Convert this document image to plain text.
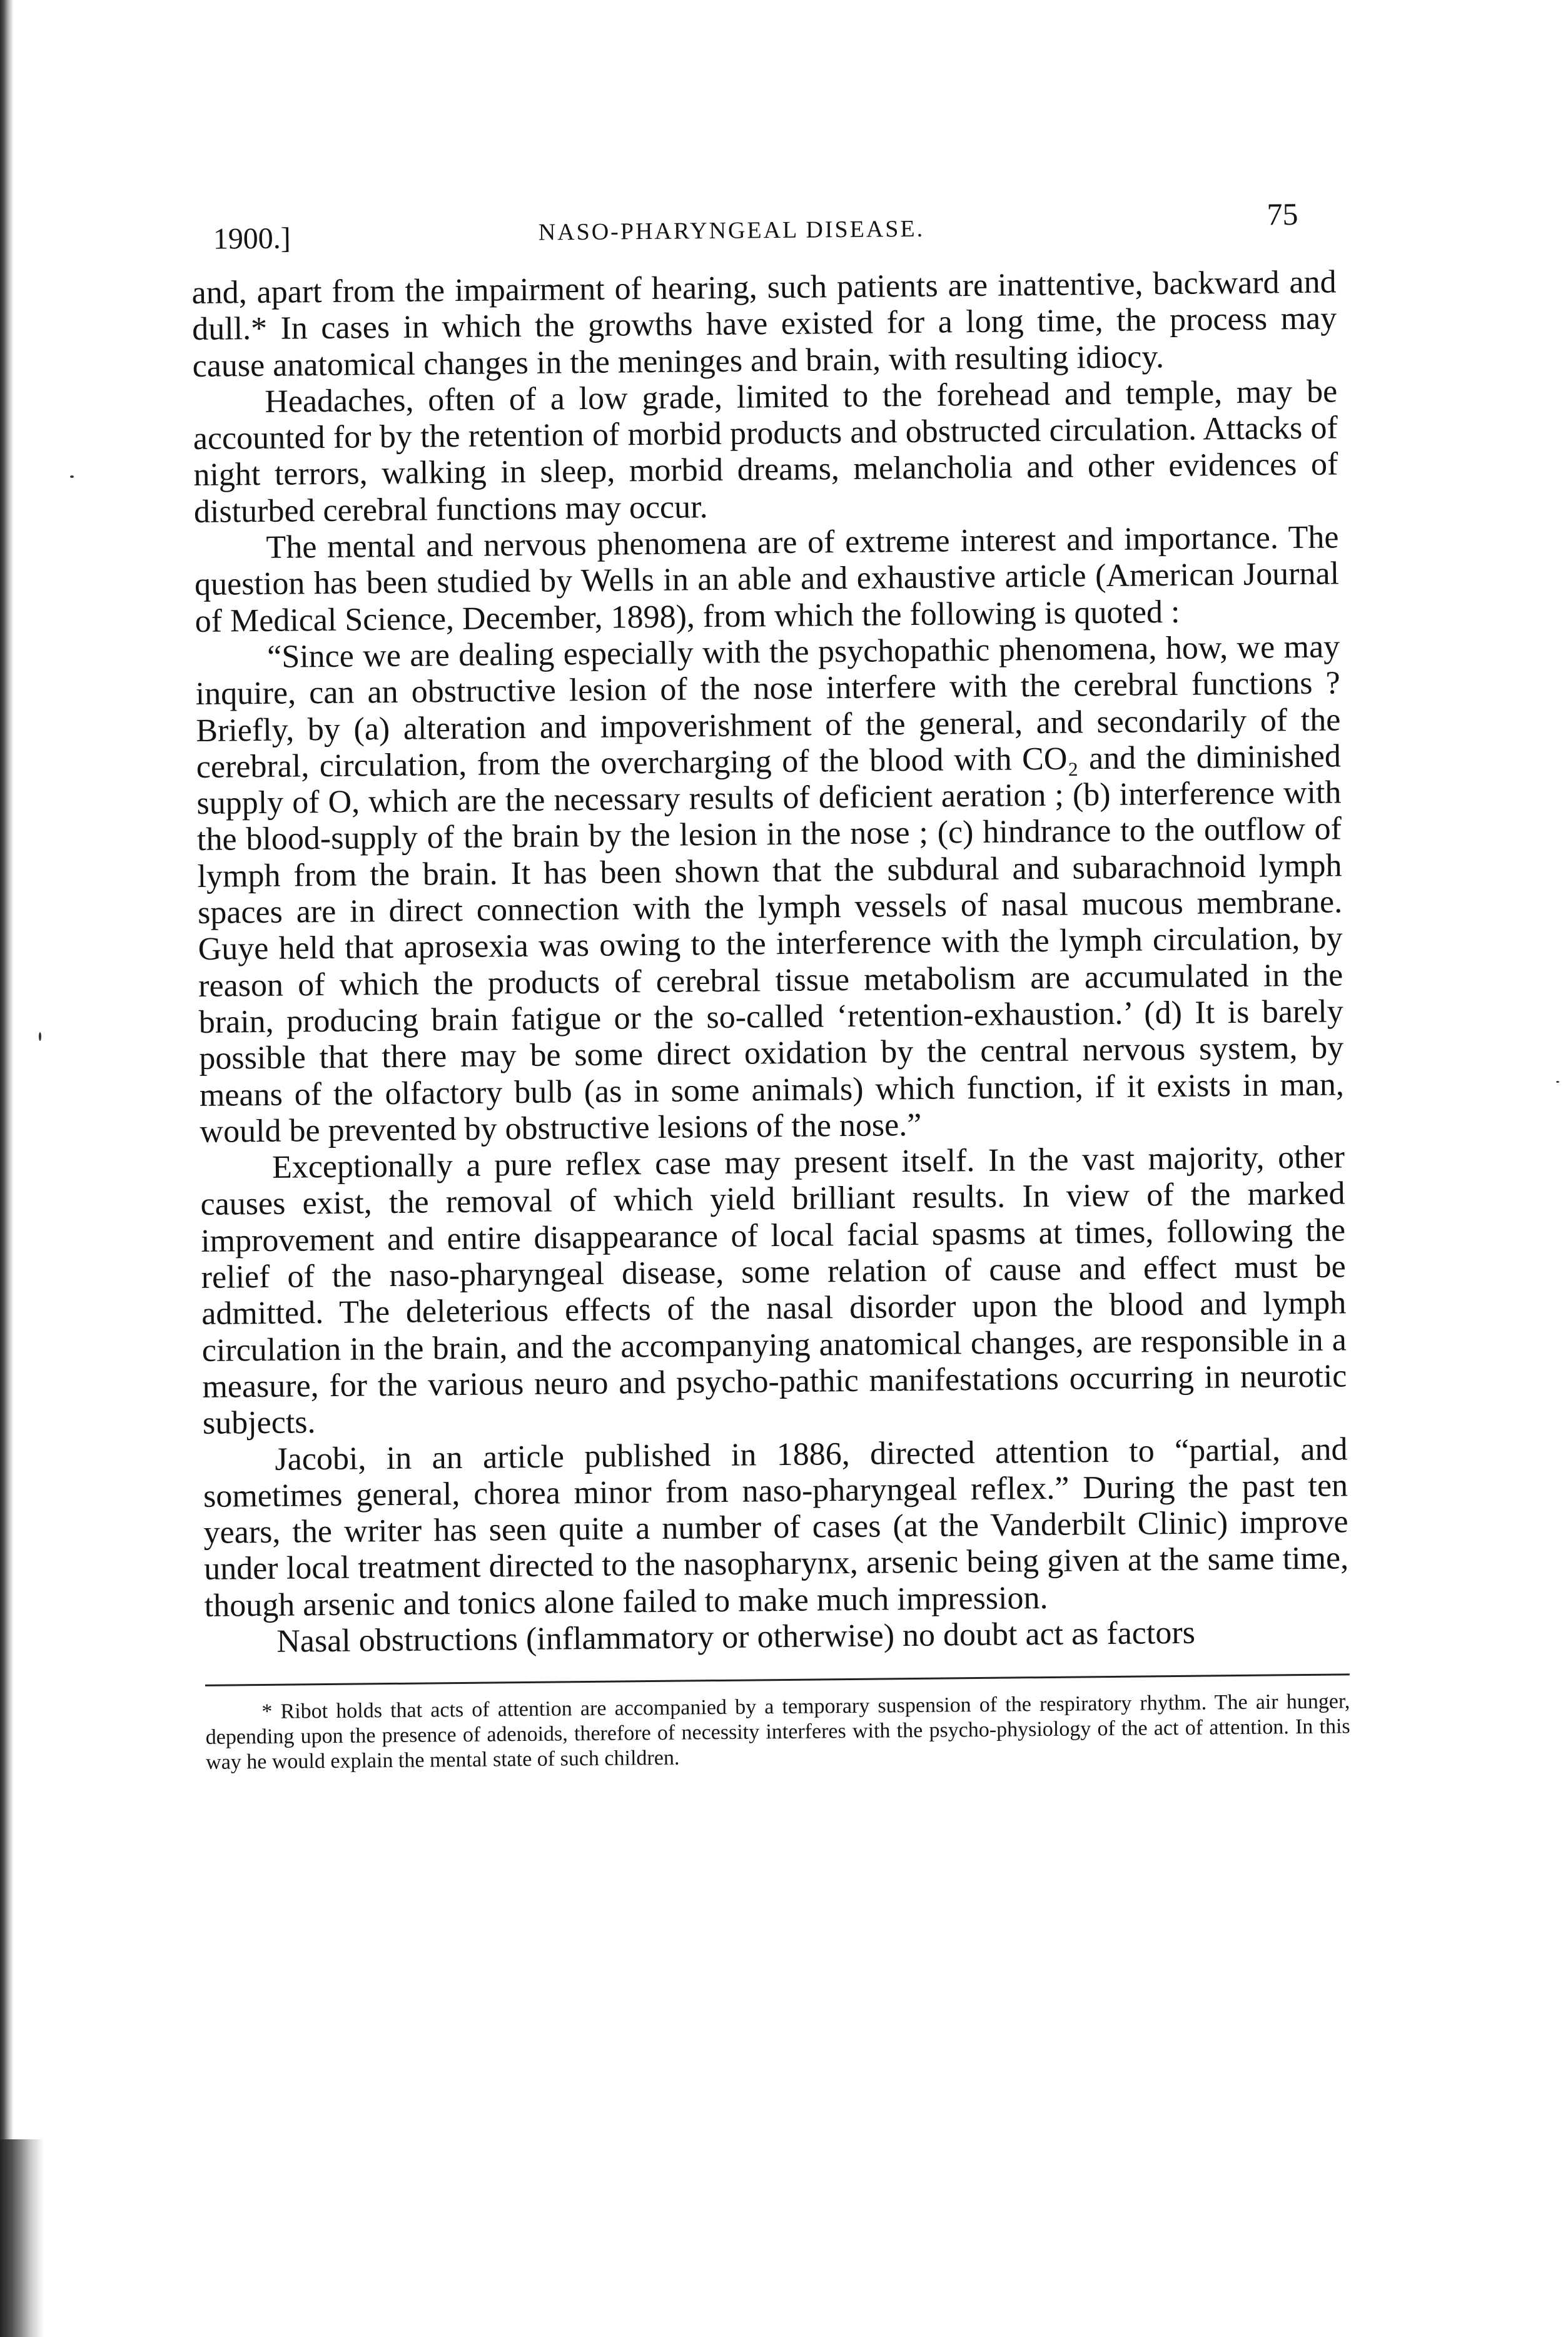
1900.]	NASO-PHARYNGEAL DISEASE.	75

and, apart from the impairment of hearing, such patients are inattentive, backward and dull.* In cases in which the growths have existed for a long time, the process may cause anatomical changes in the meninges and brain, with resulting idiocy.

Headaches, often of a low grade, limited to the forehead and temple, may be accounted for by the retention of morbid products and obstructed circulation. Attacks of night terrors, walking in sleep, morbid dreams, melancholia and other evidences of disturbed cerebral functions may occur.

The mental and nervous phenomena are of extreme interest and importance. The question has been studied by Wells in an able and exhaustive article (American Journal of Medical Science, December, 1898), from which the following is quoted :

“Since we are dealing especially with the psychopathic phenomena, how, we may inquire, can an obstructive lesion of the nose interfere with the cerebral functions ? Briefly, by (a) alteration and impoverishment of the general, and secondarily of the cerebral, circulation, from the overcharging of the blood with CO₂ and the diminished supply of O, which are the necessary results of deficient aeration ; (b) interference with the blood-supply of the brain by the lesion in the nose ; (c) hindrance to the outflow of lymph from the brain. It has been shown that the subdural and subarachnoid lymph spaces are in direct connection with the lymph vessels of nasal mucous membrane. Guye held that aprosexia was owing to the interference with the lymph circulation, by reason of which the products of cerebral tissue metabolism are accumulated in the brain, producing brain fatigue or the so-called ‘retention-exhaustion.’ (d) It is barely possible that there may be some direct oxidation by the central nervous system, by means of the olfactory bulb (as in some animals) which function, if it exists in man, would be prevented by obstructive lesions of the nose.”

Exceptionally a pure reflex case may present itself. In the vast majority, other causes exist, the removal of which yield brilliant results. In view of the marked improvement and entire disappearance of local facial spasms at times, following the relief of the naso-pharyngeal disease, some relation of cause and effect must be admitted. The deleterious effects of the nasal disorder upon the blood and lymph circulation in the brain, and the accompanying anatomical changes, are responsible in a measure, for the various neuro and psycho-pathic manifestations occurring in neurotic subjects.

Jacobi, in an article published in 1886, directed attention to “partial, and sometimes general, chorea minor from naso-pharyngeal reflex.” During the past ten years, the writer has seen quite a number of cases (at the Vanderbilt Clinic) improve under local treatment directed to the nasopharynx, arsenic being given at the same time, though arsenic and tonics alone failed to make much impression.

Nasal obstructions (inflammatory or otherwise) no doubt act as factors

* Ribot holds that acts of attention are accompanied by a temporary suspension of the respiratory rhythm. The air hunger, depending upon the presence of adenoids, therefore of necessity interferes with the psycho-physiology of the act of attention. In this way he would explain the mental state of such children.
